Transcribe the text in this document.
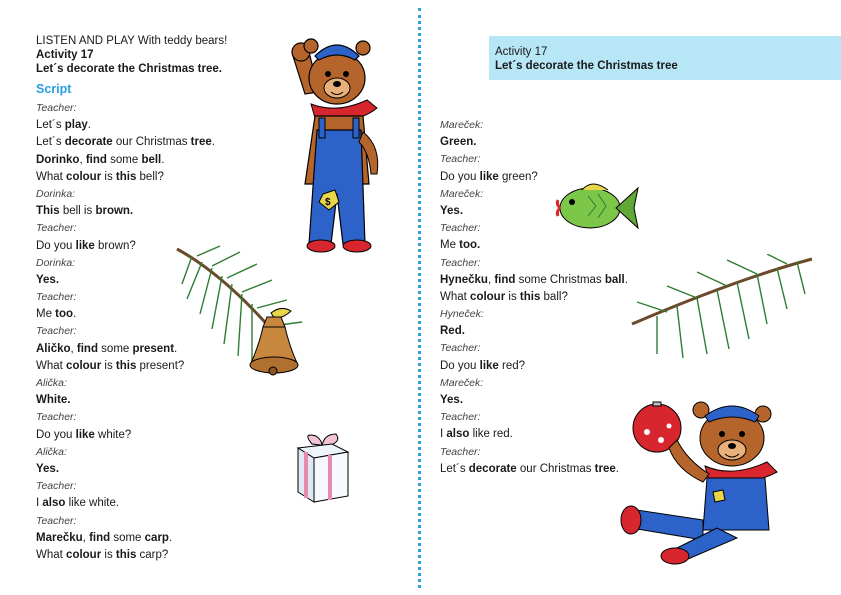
LISTEN AND PLAY With teddy bears!
Activity 17
Let´s decorate the Christmas tree.
Script
Teacher:
Let´s play.
Let´s decorate our Christmas tree.
Dorinko, find some bell.
What colour is this bell?
Dorinka:
This bell is brown.
Teacher:
Do you like brown?
Dorinka:
Yes.
Teacher:
Me too.
Teacher:
Aličko, find some present.
What colour is this present?
Alička:
White.
Teacher:
Do you like white?
Alička:
Yes.
Teacher:
I also like white.
Teacher:
Marečku, find some carp.
What colour is this carp?
$
Activity 17
Let´s decorate the Christmas tree
Mareček:
Green.
Teacher:
Do you like green?
Mareček:
Yes.
Teacher:
Me too.
Teacher:
Hynečku, find some Christmas ball.
What colour is this ball?
Hyneček:
Red.
Teacher:
Do you like red?
Mareček:
Yes.
Teacher:
I also like red.
Teacher:
Let´s decorate our Christmas tree.
